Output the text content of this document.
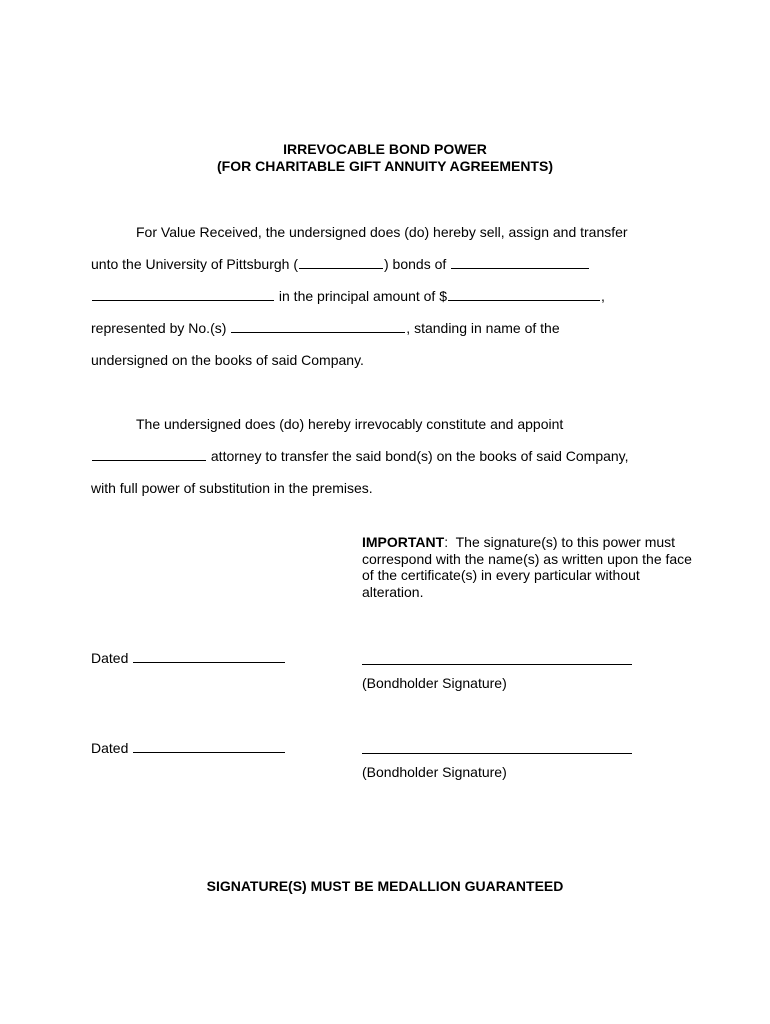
IRREVOCABLE BOND POWER
(FOR CHARITABLE GIFT ANNUITY AGREEMENTS)
For Value Received, the undersigned does (do) hereby sell, assign and transfer
unto the University of Pittsburgh (	) bonds of
in the principal amount of $	,
represented by No.(s)	, standing in name of the
undersigned on the books of said Company.
The undersigned does (do) hereby irrevocably constitute and appoint
attorney to transfer the said bond(s) on the books of said Company,
with full power of substitution in the premises.
IMPORTANT: The signature(s) to this power must correspond with the name(s) as written upon the face of the certificate(s) in every particular without alteration.
Dated
(Bondholder Signature)
Dated
(Bondholder Signature)
SIGNATURE(S) MUST BE MEDALLION GUARANTEED
